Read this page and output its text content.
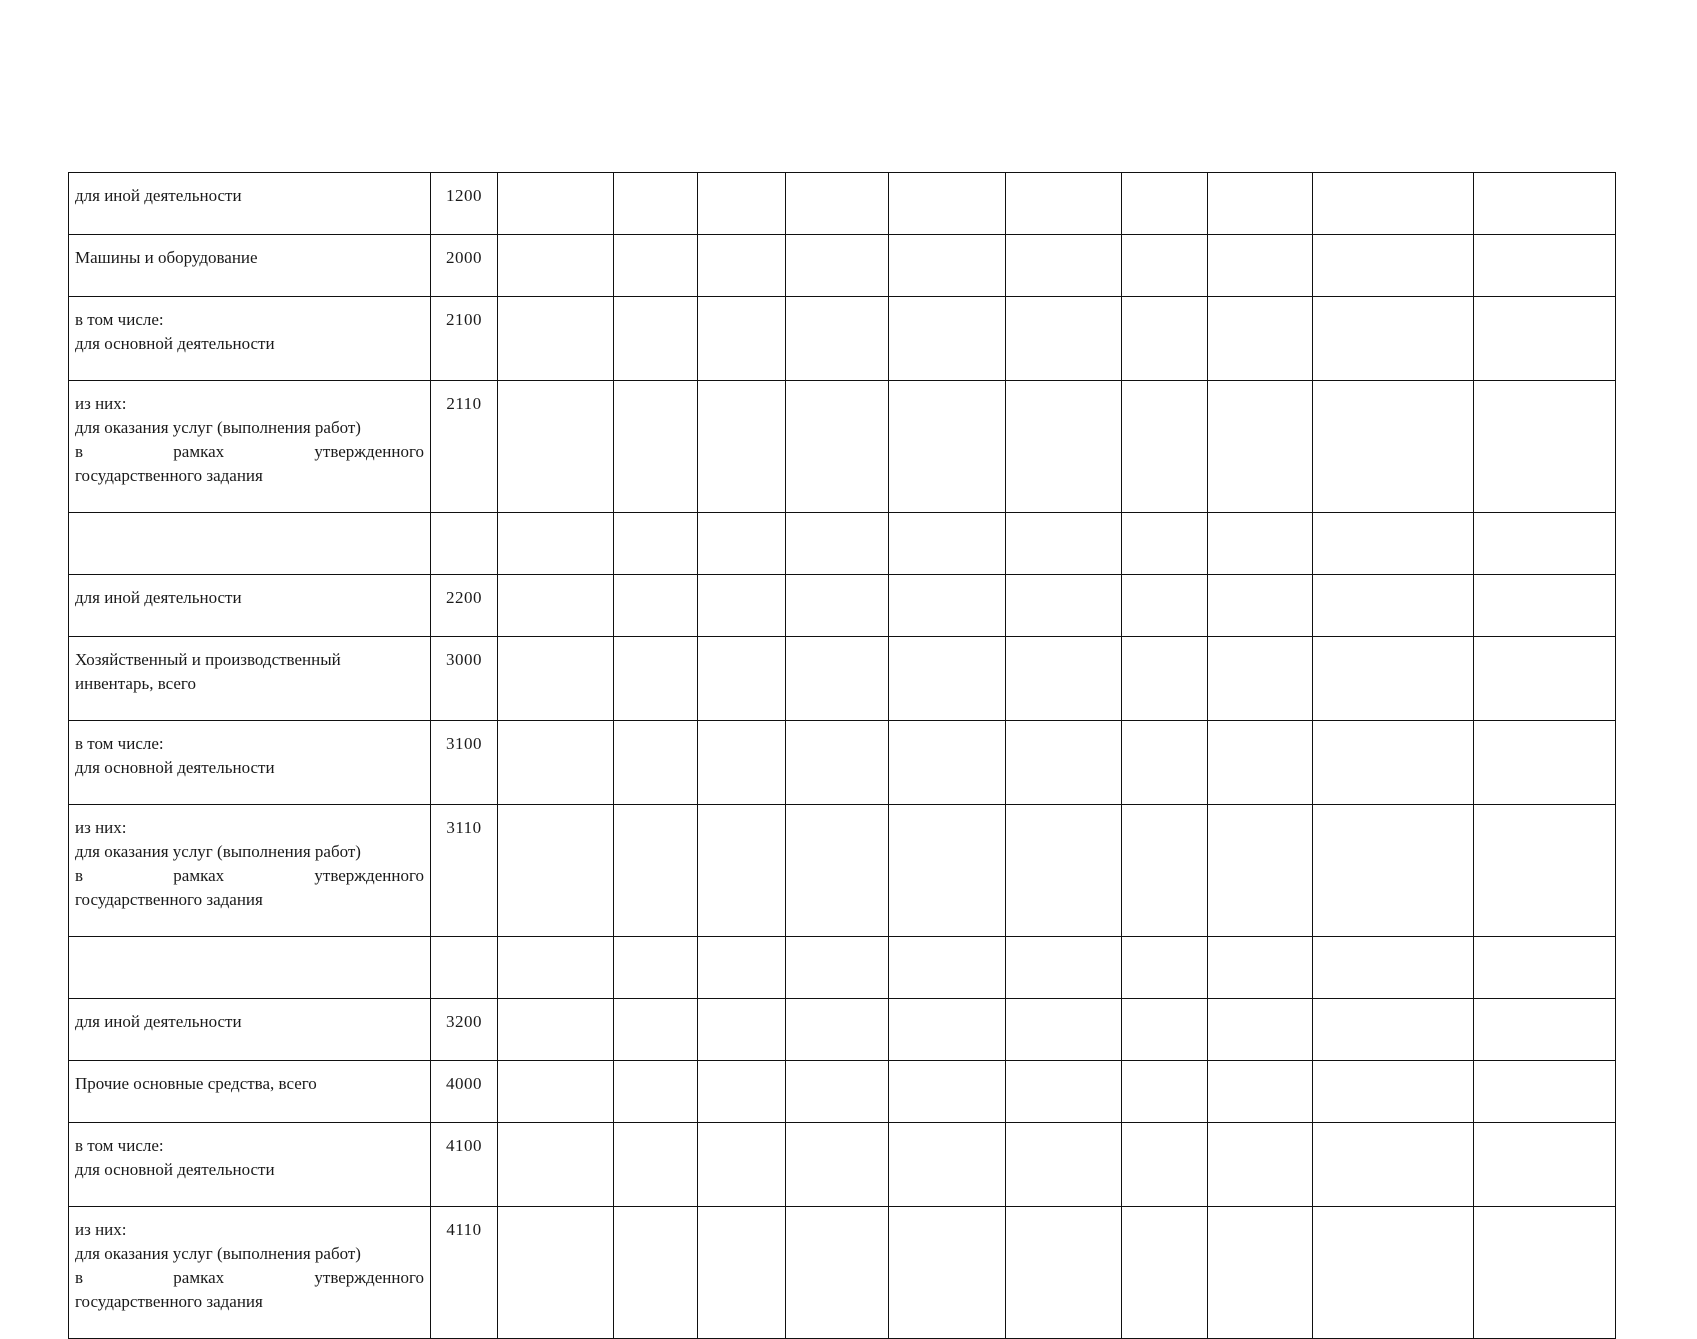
для иной деятельности	1200										

Машины и оборудование	2000										

в том числе:
для основной деятельности	2100										

из них:
для оказания услуг (выполнения работ)
в рамках утвержденного
государственного задания	2110										

для иной деятельности	2200										

Хозяйственный и производственный
инвентарь, всего	3000										

в том числе:
для основной деятельности	3100										

из них:
для оказания услуг (выполнения работ)
в рамках утвержденного
государственного задания	3110										

для иной деятельности	3200										

Прочие основные средства, всего	4000										

в том числе:
для основной деятельности	4100										

из них:
для оказания услуг (выполнения работ)
в рамках утвержденного
государственного задания	4110										
